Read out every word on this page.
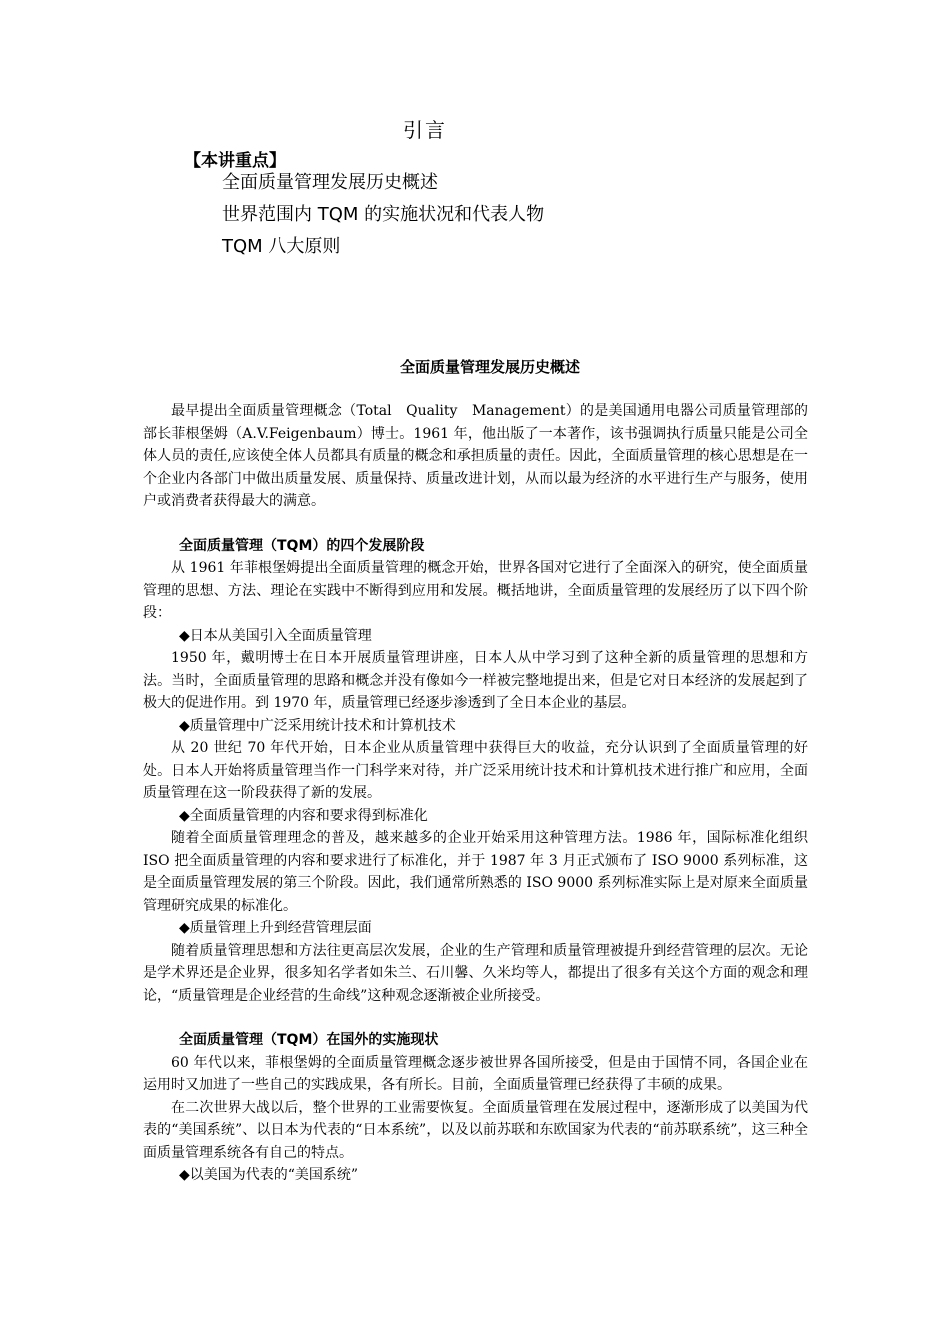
引言
【本讲重点】
全面质量管理发展历史概述
世界范围内 TQM 的实施状况和代表人物
TQM 八大原则
全面质量管理发展历史概述

最早提出全面质量管理概念（Total　Quality　Management）的是美国通用电器公司质量管理部的部长菲根堡姆（A.V.Feigenbaum）博士。1961 年，他出版了一本著作，该书强调执行质量只能是公司全体人员的责任,应该使全体人员都具有质量的概念和承担质量的责任。因此，全面质量管理的核心思想是在一个企业内各部门中做出质量发展、质量保持、质量改进计划，从而以最为经济的水平进行生产与服务，使用户或消费者获得最大的满意。

全面质量管理（TQM）的四个发展阶段

从 1961 年菲根堡姆提出全面质量管理的概念开始，世界各国对它进行了全面深入的研究，使全面质量管理的思想、方法、理论在实践中不断得到应用和发展。概括地讲，全面质量管理的发展经历了以下四个阶段：

◆日本从美国引入全面质量管理

1950 年，戴明博士在日本开展质量管理讲座，日本人从中学习到了这种全新的质量管理的思想和方法。当时，全面质量管理的思路和概念并没有像如今一样被完整地提出来，但是它对日本经济的发展起到了极大的促进作用。到 1970 年，质量管理已经逐步渗透到了全日本企业的基层。

◆质量管理中广泛采用统计技术和计算机技术

从 20 世纪 70 年代开始，日本企业从质量管理中获得巨大的收益，充分认识到了全面质量管理的好处。日本人开始将质量管理当作一门科学来对待，并广泛采用统计技术和计算机技术进行推广和应用，全面质量管理在这一阶段获得了新的发展。

◆全面质量管理的内容和要求得到标准化

随着全面质量管理理念的普及，越来越多的企业开始采用这种管理方法。1986 年，国际标准化组织 ISO 把全面质量管理的内容和要求进行了标准化，并于 1987 年 3 月正式颁布了 ISO 9000 系列标准，这是全面质量管理发展的第三个阶段。因此，我们通常所熟悉的 ISO 9000 系列标准实际上是对原来全面质量管理研究成果的标准化。

◆质量管理上升到经营管理层面

随着质量管理思想和方法往更高层次发展，企业的生产管理和质量管理被提升到经营管理的层次。无论是学术界还是企业界，很多知名学者如朱兰、石川馨、久米均等人，都提出了很多有关这个方面的观念和理论，“质量管理是企业经营的生命线”这种观念逐渐被企业所接受。

全面质量管理（TQM）在国外的实施现状

60 年代以来，菲根堡姆的全面质量管理概念逐步被世界各国所接受，但是由于国情不同，各国企业在运用时又加进了一些自己的实践成果，各有所长。目前，全面质量管理已经获得了丰硕的成果。

在二次世界大战以后，整个世界的工业需要恢复。全面质量管理在发展过程中，逐渐形成了以美国为代表的“美国系统”、以日本为代表的“日本系统”，以及以前苏联和东欧国家为代表的“前苏联系统”，这三种全面质量管理系统各有自己的特点。

◆以美国为代表的“美国系统”
